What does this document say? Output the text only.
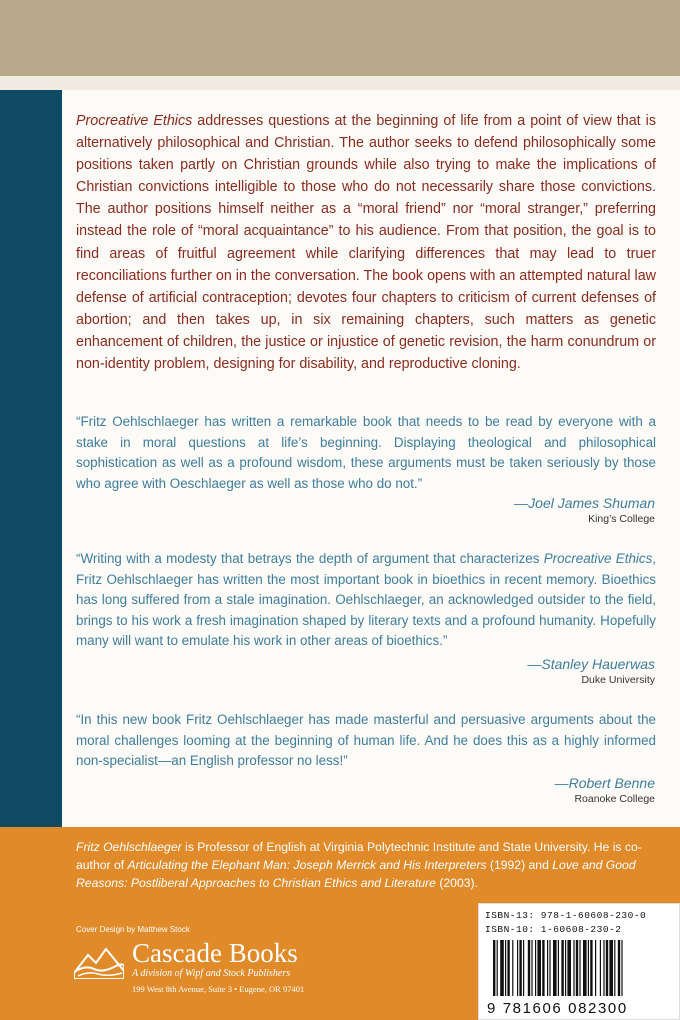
Procreative Ethics addresses questions at the beginning of life from a point of view that is alternatively philosophical and Christian. The author seeks to defend philosophically some positions taken partly on Christian grounds while also trying to make the implications of Christian convictions intelligible to those who do not necessarily share those convictions. The author positions himself neither as a “moral friend” nor “moral stranger,” preferring instead the role of “moral acquaintance” to his audience. From that position, the goal is to find areas of fruitful agreement while clarifying differences that may lead to truer reconciliations further on in the conversation. The book opens with an attempted natural law defense of artificial contraception; devotes four chapters to criticism of current defenses of abortion; and then takes up, in six remaining chapters, such matters as genetic enhancement of children, the justice or injustice of genetic revision, the harm conundrum or non-identity problem, designing for disability, and reproductive cloning.

“Fritz Oehlschlaeger has written a remarkable book that needs to be read by everyone with a stake in moral questions at life’s beginning. Displaying theological and philosophical sophistication as well as a profound wisdom, these arguments must be taken seriously by those who agree with Oeschlaeger as well as those who do not.”

—Joel James Shuman
King’s College

“Writing with a modesty that betrays the depth of argument that characterizes Procreative Ethics, Fritz Oehlschlaeger has written the most important book in bioethics in recent memory. Bioethics has long suffered from a stale imagination. Oehlschlaeger, an acknowledged outsider to the field, brings to his work a fresh imagination shaped by literary texts and a profound humanity. Hopefully many will want to emulate his work in other areas of bioethics.”

—Stanley Hauerwas
Duke University

“In this new book Fritz Oehlschlaeger has made masterful and persuasive arguments about the moral challenges looming at the beginning of human life. And he does this as a highly informed non-specialist—an English professor no less!”

—Robert Benne
Roanoke College

Fritz Oehlschlaeger is Professor of English at Virginia Polytechnic Institute and State University. He is co-author of Articulating the Elephant Man: Joseph Merrick and His Interpreters (1992) and Love and Good Reasons: Postliberal Approaches to Christian Ethics and Literature (2003).

Cover Design by Matthew Stock
Cascade Books
A division of Wipf and Stock Publishers
199 West 8th Avenue, Suite 3 • Eugene, OR 97401
ISBN-13: 978-1-60608-230-0
ISBN-10: 1-60608-230-2
9 781606 082300
